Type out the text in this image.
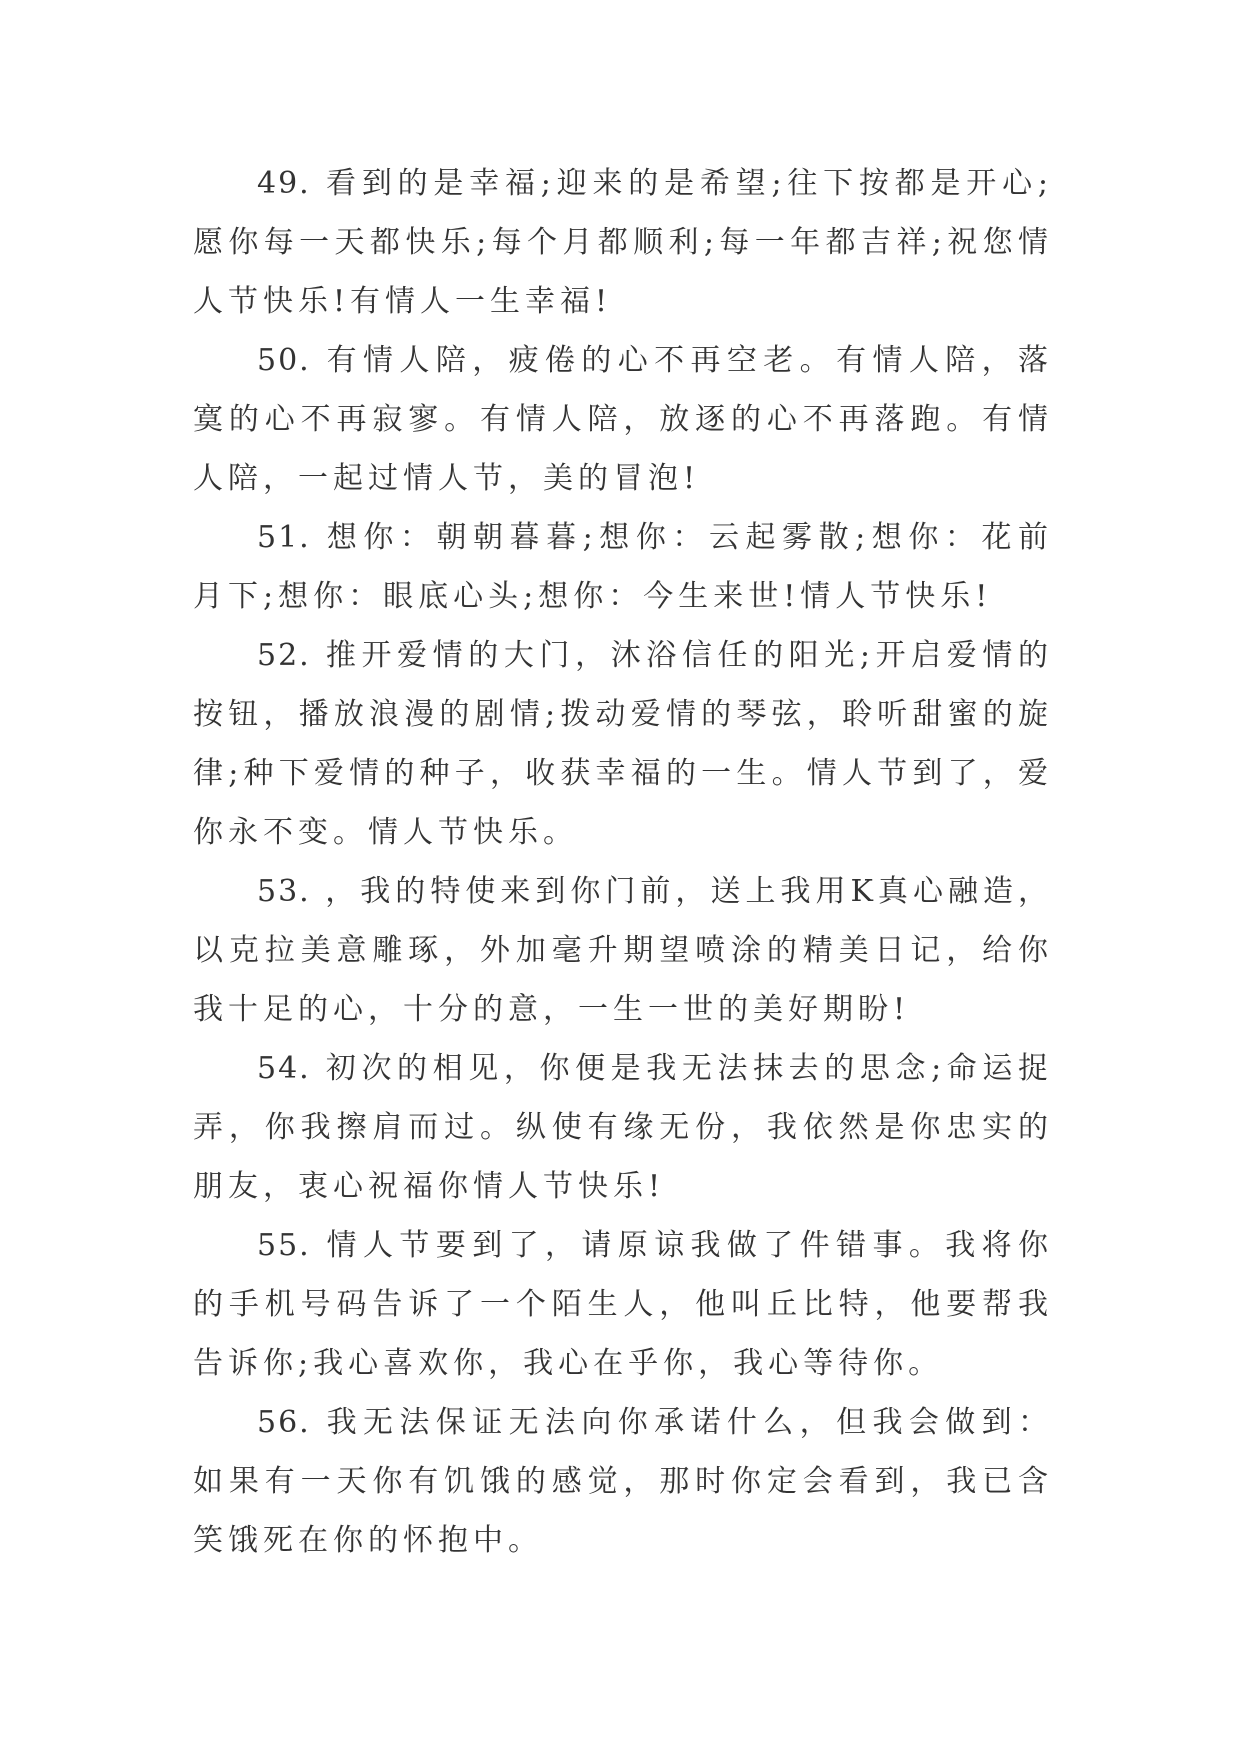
49. 看到的是幸福;迎来的是希望;往下按都是开心;愿你每一天都快乐;每个月都顺利;每一年都吉祥;祝您情人节快乐!有情人一生幸福!

50. 有情人陪，疲倦的心不再空老。有情人陪，落寞的心不再寂寥。有情人陪，放逐的心不再落跑。有情人陪，一起过情人节，美的冒泡!

51. 想你：朝朝暮暮;想你：云起雾散;想你：花前月下;想你：眼底心头;想你：今生来世!情人节快乐!

52. 推开爱情的大门，沐浴信任的阳光;开启爱情的按钮，播放浪漫的剧情;拨动爱情的琴弦，聆听甜蜜的旋律;种下爱情的种子，收获幸福的一生。情人节到了，爱你永不变。情人节快乐。

53. ，我的特使来到你门前，送上我用K真心融造，以克拉美意雕琢，外加毫升期望喷涂的精美日记，给你我十足的心，十分的意，一生一世的美好期盼!

54. 初次的相见，你便是我无法抹去的思念;命运捉弄，你我擦肩而过。纵使有缘无份，我依然是你忠实的朋友，衷心祝福你情人节快乐!

55. 情人节要到了，请原谅我做了件错事。我将你的手机号码告诉了一个陌生人，他叫丘比特，他要帮我告诉你;我心喜欢你，我心在乎你，我心等待你。

56. 我无法保证无法向你承诺什么，但我会做到：如果有一天你有饥饿的感觉，那时你定会看到，我已含笑饿死在你的怀抱中。
